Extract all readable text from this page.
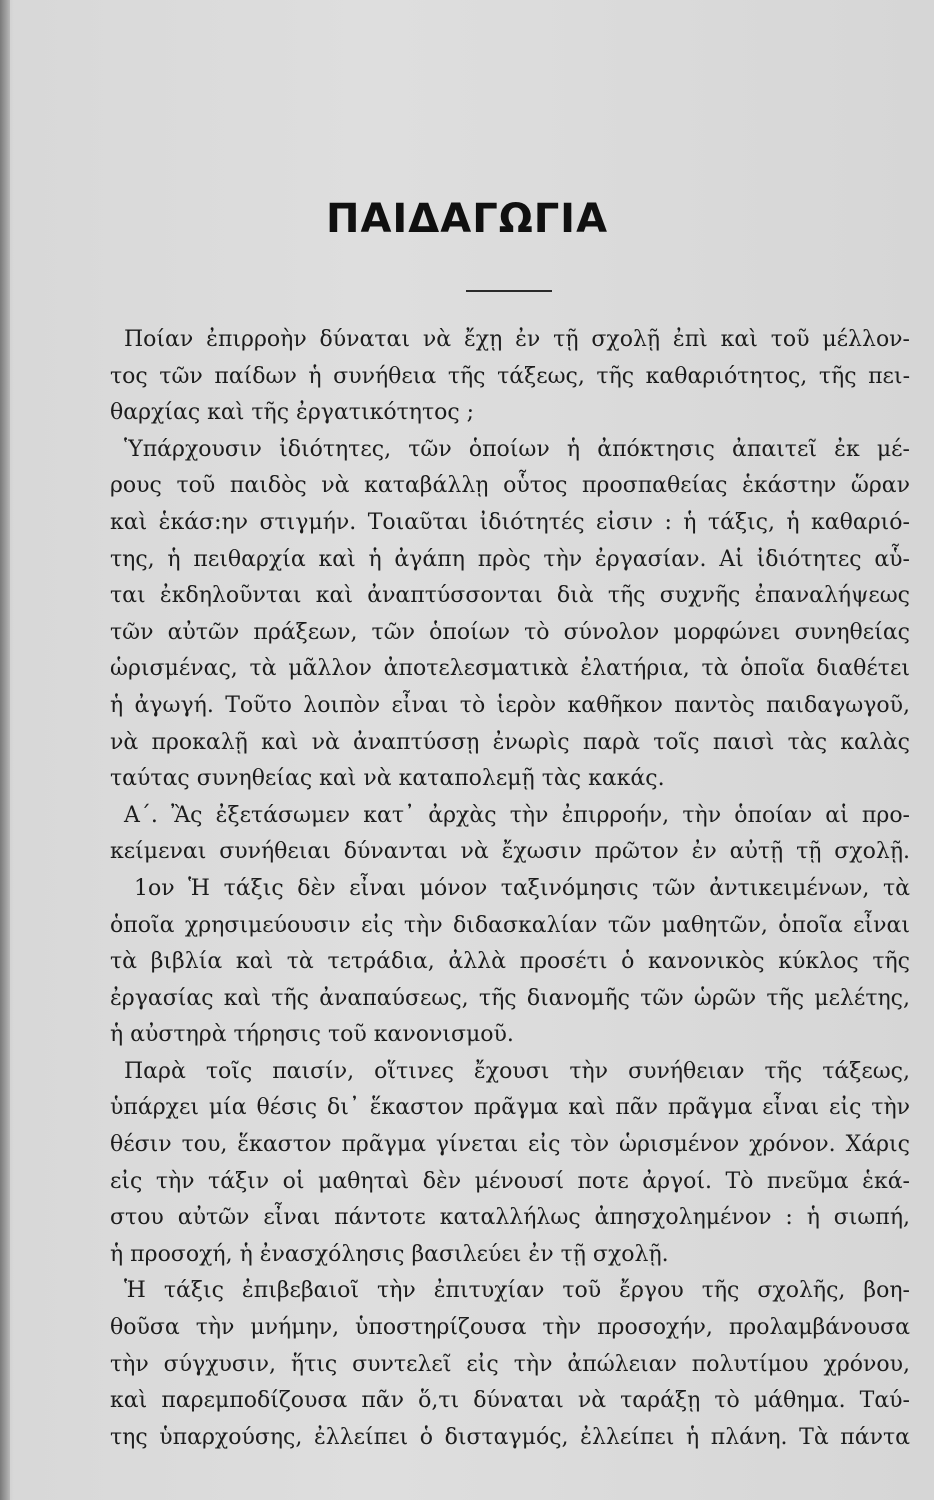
ΠΑΙΔΑΓΩΓΙΑ
Ποίαν ἐπιρροὴν δύναται νὰ ἔχῃ ἐν τῇ σχολῇ ἐπὶ καὶ τοῦ μέλλον-
τος τῶν παίδων ἡ συνήθεια τῆς τάξεως, τῆς καθαριότητος, τῆς πει-
θαρχίας καὶ τῆς ἐργατικότητος ;
Ὑπάρχουσιν ἰδιότητες, τῶν ὁποίων ἡ ἀπόκτησις ἀπαιτεῖ ἐκ μέ-
ρους τοῦ παιδὸς νὰ καταβάλλῃ οὗτος προσπαθείας ἑκάστην ὥραν
καὶ ἑκάσ:ην στιγμήν. Τοιαῦται ἰδιότητές εἰσιν : ἡ τάξις, ἡ καθαριό-
της, ἡ πειθαρχία καὶ ἡ ἀγάπη πρὸς τὴν ἐργασίαν. Αἱ ἰδιότητες αὗ-
ται ἐκδηλοῦνται καὶ ἀναπτύσσονται διὰ τῆς συχνῆς ἐπαναλήψεως
τῶν αὐτῶν πράξεων, τῶν ὁποίων τὸ σύνολον μορφώνει συνηθείας
ὡρισμένας, τὰ μᾶλλον ἀποτελεσματικὰ ἐλατήρια, τὰ ὁποῖα διαθέτει
ἡ ἀγωγή. Τοῦτο λοιπὸν εἶναι τὸ ἱερὸν καθῆκον παντὸς παιδαγωγοῦ,
νὰ προκαλῇ καὶ νὰ ἀναπτύσσῃ ἐνωρὶς παρὰ τοῖς παισὶ τὰς καλὰς
ταύτας συνηθείας καὶ νὰ καταπολεμῇ τὰς κακάς.
Α΄. Ἂς ἐξετάσωμεν κατ᾽ ἀρχὰς τὴν ἐπιρροήν, τὴν ὁποίαν αἱ προ-
κείμεναι συνήθειαι δύνανται νὰ ἔχωσιν πρῶτον ἐν αὐτῇ τῇ σχολῇ.
1ον Ἡ τάξις δὲν εἶναι μόνον ταξινόμησις τῶν ἀντικειμένων, τὰ
ὁποῖα χρησιμεύουσιν εἰς τὴν διδασκαλίαν τῶν μαθητῶν, ὁποῖα εἶναι
τὰ βιβλία καὶ τὰ τετράδια, ἀλλὰ προσέτι ὁ κανονικὸς κύκλος τῆς
ἐργασίας καὶ τῆς ἀναπαύσεως, τῆς διανομῆς τῶν ὡρῶν τῆς μελέτης,
ἡ αὐστηρὰ τήρησις τοῦ κανονισμοῦ.
Παρὰ τοῖς παισίν, οἵτινες ἔχουσι τὴν συνήθειαν τῆς τάξεως,
ὑπάρχει μία θέσις δι᾽ ἕκαστον πρᾶγμα καὶ πᾶν πρᾶγμα εἶναι εἰς τὴν
θέσιν του, ἕκαστον πρᾶγμα γίνεται εἰς τὸν ὡρισμένον χρόνον. Χάρις
εἰς τὴν τάξιν οἱ μαθηταὶ δὲν μένουσί ποτε ἀργοί. Τὸ πνεῦμα ἑκά-
στου αὐτῶν εἶναι πάντοτε καταλλήλως ἀπησχολημένον : ἡ σιωπή,
ἡ προσοχή, ἡ ἐνασχόλησις βασιλεύει ἐν τῇ σχολῇ.
Ἡ τάξις ἐπιβεβαιοῖ τὴν ἐπιτυχίαν τοῦ ἔργου τῆς σχολῆς, βοη-
θοῦσα τὴν μνήμην, ὑποστηρίζουσα τὴν προσοχήν, προλαμβάνουσα
τὴν σύγχυσιν, ἥτις συντελεῖ εἰς τὴν ἀπώλειαν πολυτίμου χρόνου,
καὶ παρεμποδίζουσα πᾶν ὅ,τι δύναται νὰ ταράξῃ τὸ μάθημα. Ταύ-
της ὑπαρχούσης, ἐλλείπει ὁ δισταγμός, ἐλλείπει ἡ πλάνη. Τὰ πάντα
